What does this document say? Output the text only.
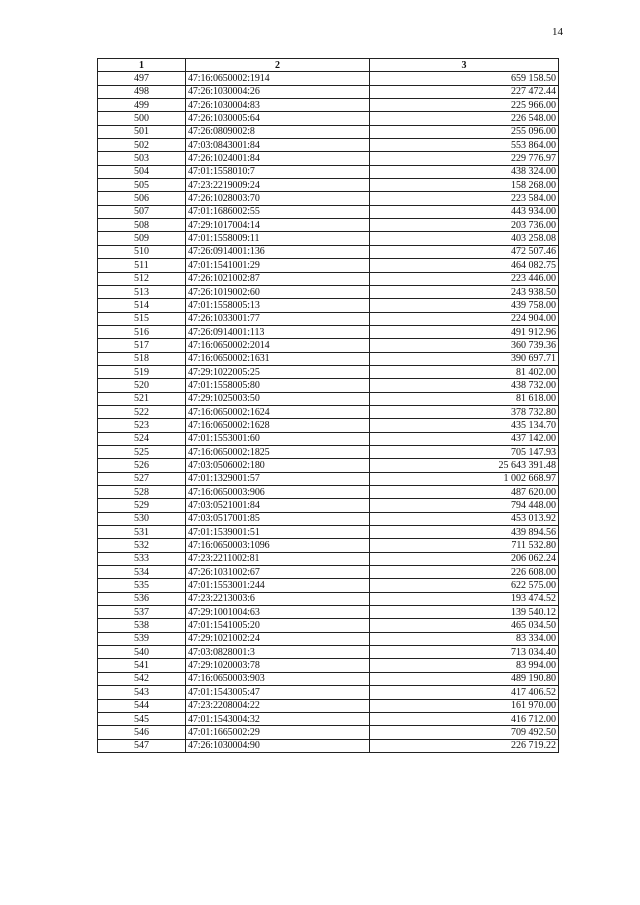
14
1	2	3
497	47:16:0650002:1914	659 158.50
498	47:26:1030004:26	227 472.44
499	47:26:1030004:83	225 966.00
500	47:26:1030005:64	226 548.00
501	47:26:0809002:8	255 096.00
502	47:03:0843001:84	553 864.00
503	47:26:1024001:84	229 776.97
504	47:01:1558010:7	438 324.00
505	47:23:2219009:24	158 268.00
506	47:26:1028003:70	223 584.00
507	47:01:1686002:55	443 934.00
508	47:29:1017004:14	203 736.00
509	47:01:1558009:11	403 258.08
510	47:26:0914001:136	472 507.46
511	47:01:1541001:29	464 082.75
512	47:26:1021002:87	223 446.00
513	47:26:1019002:60	243 938.50
514	47:01:1558005:13	439 758.00
515	47:26:1033001:77	224 904.00
516	47:26:0914001:113	491 912.96
517	47:16:0650002:2014	360 739.36
518	47:16:0650002:1631	390 697.71
519	47:29:1022005:25	81 402.00
520	47:01:1558005:80	438 732.00
521	47:29:1025003:50	81 618.00
522	47:16:0650002:1624	378 732.80
523	47:16:0650002:1628	435 134.70
524	47:01:1553001:60	437 142.00
525	47:16:0650002:1825	705 147.93
526	47:03:0506002:180	25 643 391.48
527	47:01:1329001:57	1 002 668.97
528	47:16:0650003:906	487 620.00
529	47:03:0521001:84	794 448.00
530	47:03:0517001:85	453 013.92
531	47:01:1539001:51	439 894.56
532	47:16:0650003:1096	711 532.80
533	47:23:2211002:81	206 062.24
534	47:26:1031002:67	226 608.00
535	47:01:1553001:244	622 575.00
536	47:23:2213003:6	193 474.52
537	47:29:1001004:63	139 540.12
538	47:01:1541005:20	465 034.50
539	47:29:1021002:24	83 334.00
540	47:03:0828001:3	713 034.40
541	47:29:1020003:78	83 994.00
542	47:16:0650003:903	489 190.80
543	47:01:1543005:47	417 406.52
544	47:23:2208004:22	161 970.00
545	47:01:1543004:32	416 712.00
546	47:01:1665002:29	709 492.50
547	47:26:1030004:90	226 719.22
